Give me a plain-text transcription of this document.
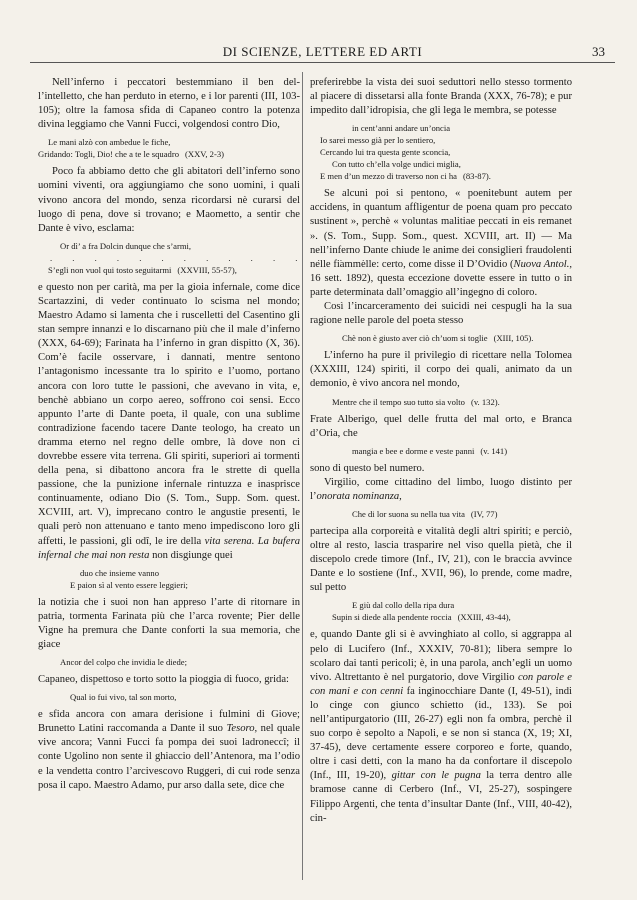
DI SCIENZE, LETTERE ED ARTI	33

Nell’inferno i peccatori bestemmiano il ben del-l’intelletto, che han perduto in eterno, e i lor parenti (III, 103-105); oltre la famosa sfida di Capaneo contro la potenza divina leggiamo che Vanni Fucci, volgendosi contro Dio,

Le mani alzò con ambedue le fiche,
Gridando: Togli, Dio! che a te le squadro (XXV, 2-3)

Poco fa abbiamo detto che gli abitatori dell’inferno sono uomini viventi, ora aggiungiamo che sono uomini, i quali vivono ancora del mondo, senza ricordarsi nè curarsi del luogo di pena, dove si trovano; e Maometto, a sentir che Dante è vivo, esclama:

Or dì’ a fra Dolcin dunque che s’armi,
. . . . . . . . . . . . . . .
S’egli non vuol qui tosto seguitarmi (XXVIII, 55-57),

e questo non per carità, ma per la gioia infernale, come dice Scartazzini, di veder continuato lo scisma nel mondo; Maestro Adamo si lamenta che i ruscelletti del Casentino gli stan sempre innanzi e lo discarnano più che il male d’inferno (XXX, 64-69); Farinata ha l’inferno in gran dispitto (X, 36). Com’è facile osservare, i dannati, mentre sentono l’antagonismo incessante tra lo spirito e l’uomo, portano ancora con loro tutte le passioni, che avevano in vita, e, benchè abbiano un corpo aereo, soffrono coi sensi. Ecco appunto l’arte di Dante poeta, il quale, con una sublime contradizione facendo tacere Dante teologo, ha creato un dramma eterno nel regno delle ombre, là dove non ci dovrebbe essere vita terrena. Gli spiriti, superiori ai tormenti della pena, si dibattono ancora fra le strette di quella passione, che la punizione infernale rintuzza e inasprisce continuamente, odiano Dio (S. Tom., Supp. Som. quest. XCVIII, art. V), imprecano contro le angustie presenti, le quali però non attenuano e tanto meno impediscono loro gli affetti, le passioni, gli odî, le ire della vita serena. La bufera infernal che mai non resta non disgiunge quei

duo che insieme vanno
E paion sì al vento essere leggieri;

la notizia che i suoi non han appreso l’arte di ritornare in patria, tormenta Farinata più che l’arca rovente; Pier delle Vigne ha premura che Dante conforti la sua memoria, che giace

Ancor del colpo che invidia le diede;

Capaneo, dispettoso e torto sotto la pioggia di fuoco, grida:

Qual io fui vivo, tal son morto,

e sfida ancora con amara derisione i fulmini di Giove; Brunetto Latini raccomanda a Dante il suo Tesoro, nel quale vive ancora; Vanni Fucci fa pompa dei suoi ladroneccî; il conte Ugolino non sente il ghiaccio dell’Antenora, ma l’odio e la vendetta contro l’arcivescovo Ruggeri, di cui rode senza posa il capo. Maestro Adamo, pur arso dalla sete, dice che

preferirebbe la vista dei suoi seduttori nello stesso tormento al piacere di dissetarsi alla fonte Branda (XXX, 76-78); e pur impedito dall’idropisia, che gli lega le membra, se potesse

in cent’anni andare un’oncia
Io sarei messo già per lo sentiero,
Cercando lui tra questa gente sconcia,
Con tutto ch’ella volge undici miglia,
E men d’un mezzo di traverso non ci ha (83-87).

Se alcuni poi si pentono, « poenitebunt autem per accidens, in quantum affligentur de poena quam pro peccato sustinent », perchè « voluntas malitiae peccati in eis remanet ». (S. Tom., Supp. Som., quest. XCVIII, art. II) — Ma nell’inferno Dante chiude le anime dei consiglieri fraudolenti nelle fiammelle: certo, come disse il D’Ovidio (Nuova Antol., 16 sett. 1892), questa eccezione dovette essere in tutto o in parte determinata dall’omaggio all’ingegno di coloro.

Così l’incarceramento dei suicidi nei cespugli ha la sua ragione nelle parole del poeta stesso

Chè non è giusto aver ciò ch’uom si toglie (XIII, 105).

L’inferno ha pure il privilegio di ricettare nella Tolomea (XXXIII, 124) spiriti, il corpo dei quali, animato da un demonio, è vivo ancora nel mondo,

Mentre che il tempo suo tutto sia volto (v. 132).

Frate Alberigo, quel delle frutta del mal orto, e Branca d’Oria, che

mangia e bee e dorme e veste panni (v. 141)

sono di questo bel numero.

Virgilio, come cittadino del limbo, luogo distinto per l’onorata nominanza,

Che di lor suona su nella tua vita (IV, 77)

partecipa alla corporeità e vitalità degli altri spiriti; e perciò, oltre al resto, lascia trasparire nel viso quella pietà, che il discepolo crede timore (Inf., IV, 21), con le braccia avvince Dante e lo sostiene (Inf., XVII, 96), lo prende, come madre, sul petto

E giù dal collo della ripa dura
Supin si diede alla pendente roccia (XXIII, 43-44),

e, quando Dante gli si è avvinghiato al collo, si aggrappa al pelo di Lucifero (Inf., XXXIV, 70-81); libera sempre lo scolaro dai tanti pericoli; è, in una parola, anch’egli un uomo vivo. Altrettanto è nel purgatorio, dove Virgilio con parole e con mani e con cenni fa inginocchiare Dante (I, 49-51), indi lo cinge con giunco schietto (id., 133). Se poi nell’antipurgatorio (III, 26-27) egli non fa ombra, perchè il suo corpo è sepolto a Napoli, e se non si stanca (X, 19; XI, 37-45), deve certamente essere corporeo e forte, quando, oltre i casi detti, con la mano ha da confortare il discepolo (Inf., III, 19-20), gittar con le pugna la terra dentro alle bramose canne di Cerbero (Inf., VI, 25-27), sospingere Filippo Argenti, che tenta d’insultar Dante (Inf., VIII, 40-42), cin-
